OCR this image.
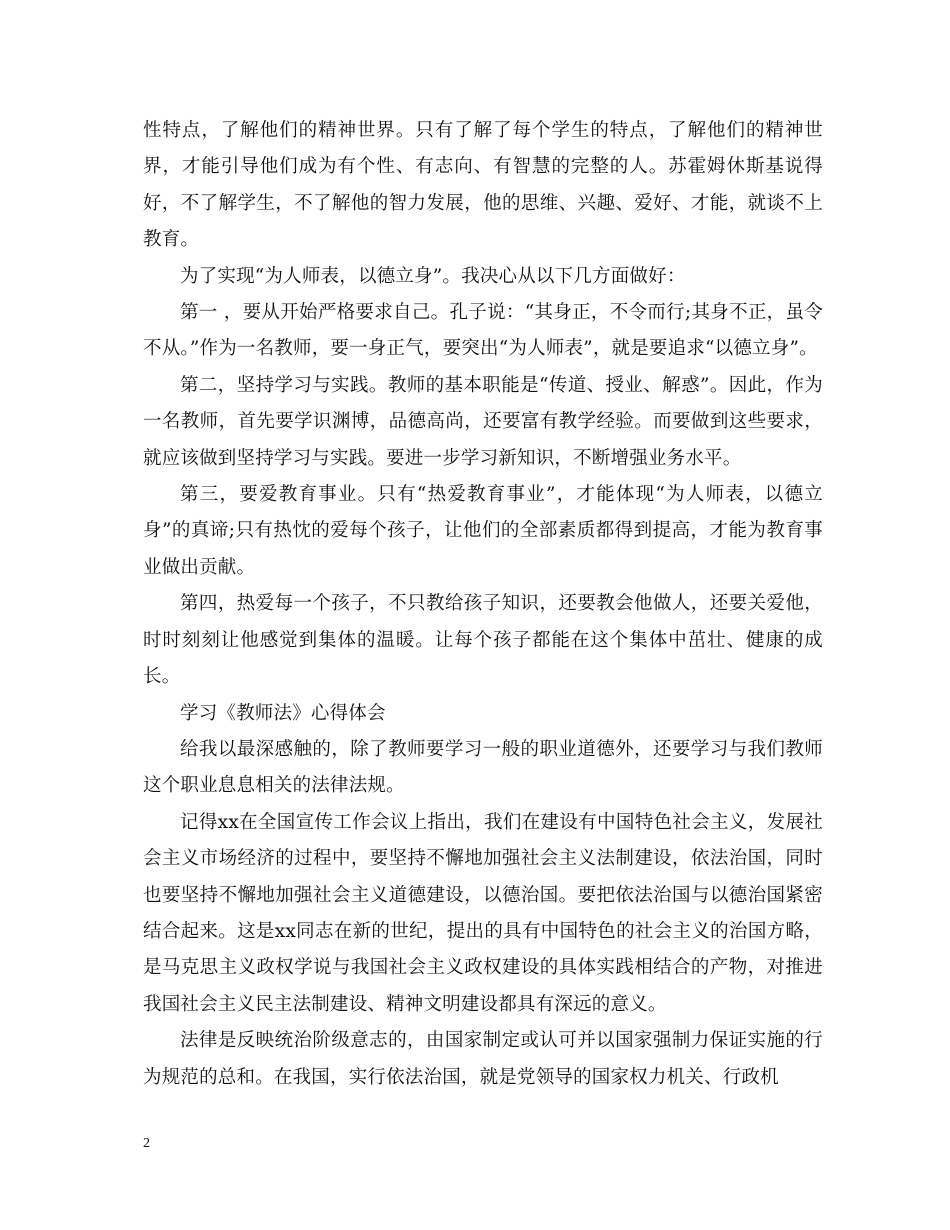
性特点，了解他们的精神世界。只有了解了每个学生的特点，了解他们的精神世界，才能引导他们成为有个性、有志向、有智慧的完整的人。苏霍姆休斯基说得好，不了解学生，不了解他的智力发展，他的思维、兴趣、爱好、才能，就谈不上教育。

为了实现“为人师表，以德立身”。我决心从以下几方面做好：

第一 ，要从开始严格要求自己。孔子说：“其身正，不令而行;其身不正，虽令不从。”作为一名教师，要一身正气，要突出“为人师表”，就是要追求“以德立身”。

第二，坚持学习与实践。教师的基本职能是“传道、授业、解惑”。因此，作为一名教师，首先要学识渊博，品德高尚，还要富有教学经验。而要做到这些要求，就应该做到坚持学习与实践。要进一步学习新知识，不断增强业务水平。

第三，要爱教育事业。只有“热爱教育事业”，才能体现“为人师表，以德立身”的真谛;只有热忱的爱每个孩子，让他们的全部素质都得到提高，才能为教育事业做出贡献。

第四，热爱每一个孩子，不只教给孩子知识，还要教会他做人，还要关爱他，时时刻刻让他感觉到集体的温暖。让每个孩子都能在这个集体中茁壮、健康的成长。

学习《教师法》心得体会

给我以最深感触的，除了教师要学习一般的职业道德外，还要学习与我们教师这个职业息息相关的法律法规。

记得xx在全国宣传工作会议上指出，我们在建设有中国特色社会主义，发展社会主义市场经济的过程中，要坚持不懈地加强社会主义法制建设，依法治国，同时也要坚持不懈地加强社会主义道德建设，以德治国。要把依法治国与以德治国紧密结合起来。这是xx同志在新的世纪，提出的具有中国特色的社会主义的治国方略，是马克思主义政权学说与我国社会主义政权建设的具体实践相结合的产物，对推进我国社会主义民主法制建设、精神文明建设都具有深远的意义。

法律是反映统治阶级意志的，由国家制定或认可并以国家强制力保证实施的行为规范的总和。在我国，实行依法治国，就是党领导的国家权力机关、行政机

2
